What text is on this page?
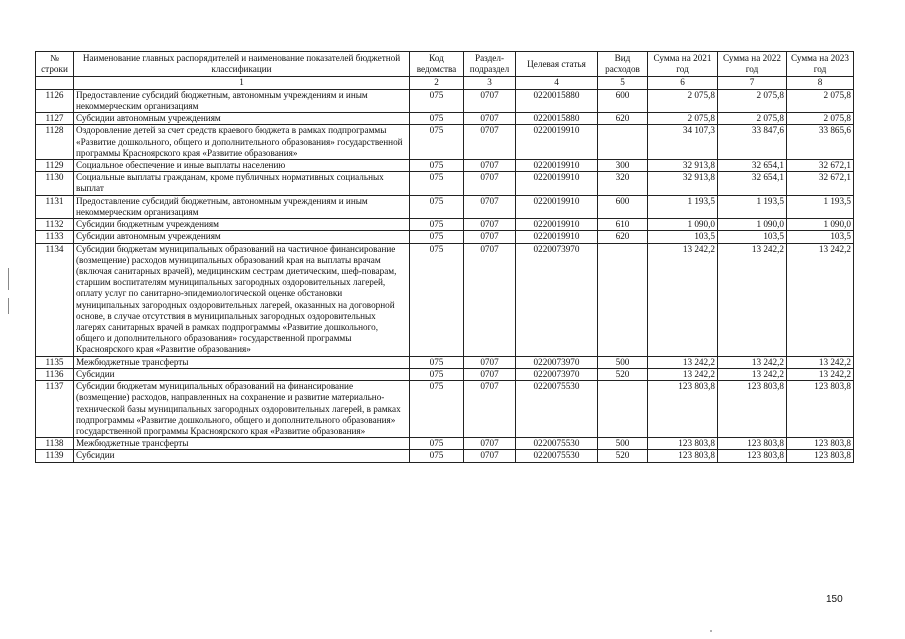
№ строки	Наименование главных распорядителей и наименование показателей бюджетной классификации	Код ведомства	Раздел-подраздел	Целевая статья	Вид расходов	Сумма на 2021 год	Сумма на 2022 год	Сумма на 2023 год
	1	2	3	4	5	6	7	8
1126	Предоставление субсидий бюджетным, автономным учреждениям и иным некоммерческим организациям	075	0707	0220015880	600	2 075,8	2 075,8	2 075,8
1127	Субсидии автономным учреждениям	075	0707	0220015880	620	2 075,8	2 075,8	2 075,8
1128	Оздоровление детей за счет средств краевого бюджета в рамках подпрограммы «Развитие дошкольного, общего и дополнительного образования» государственной программы Красноярского края «Развитие образования»	075	0707	0220019910		34 107,3	33 847,6	33 865,6
1129	Социальное обеспечение и иные выплаты населению	075	0707	0220019910	300	32 913,8	32 654,1	32 672,1
1130	Социальные выплаты гражданам, кроме публичных нормативных социальных выплат	075	0707	0220019910	320	32 913,8	32 654,1	32 672,1
1131	Предоставление субсидий бюджетным, автономным учреждениям и иным некоммерческим организациям	075	0707	0220019910	600	1 193,5	1 193,5	1 193,5
1132	Субсидии бюджетным учреждениям	075	0707	0220019910	610	1 090,0	1 090,0	1 090,0
1133	Субсидии автономным учреждениям	075	0707	0220019910	620	103,5	103,5	103,5
1134	Субсидии бюджетам муниципальных образований на частичное финансирование (возмещение) расходов муниципальных образований края на выплаты врачам (включая санитарных врачей), медицинским сестрам диетическим, шеф-поварам, старшим воспитателям муниципальных загородных оздоровительных лагерей, оплату услуг по санитарно-эпидемиологической оценке обстановки муниципальных загородных оздоровительных лагерей, оказанных на договорной основе, в случае отсутствия в муниципальных загородных оздоровительных лагерях санитарных врачей в рамках подпрограммы «Развитие дошкольного, общего и дополнительного образования» государственной программы Красноярского края «Развитие образования»	075	0707	0220073970		13 242,2	13 242,2	13 242,2
1135	Межбюджетные трансферты	075	0707	0220073970	500	13 242,2	13 242,2	13 242,2
1136	Субсидии	075	0707	0220073970	520	13 242,2	13 242,2	13 242,2
1137	Субсидии бюджетам муниципальных образований на финансирование (возмещение) расходов, направленных на сохранение и развитие материально-технической базы муниципальных загородных оздоровительных лагерей, в рамках подпрограммы «Развитие дошкольного, общего и дополнительного образования» государственной программы Красноярского края «Развитие образования»	075	0707	0220075530		123 803,8	123 803,8	123 803,8
1138	Межбюджетные трансферты	075	0707	0220075530	500	123 803,8	123 803,8	123 803,8
1139	Субсидии	075	0707	0220075530	520	123 803,8	123 803,8	123 803,8
150
